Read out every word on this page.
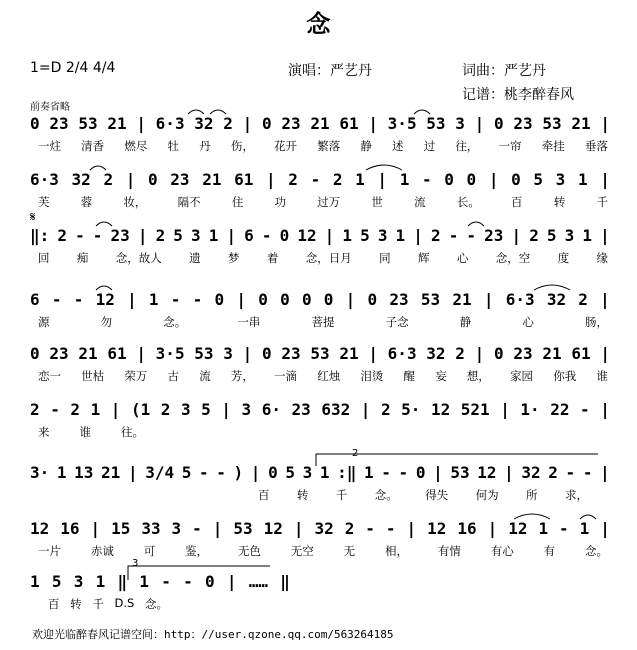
念
1=D 2/4 4/4	演唱：严艺丹	词曲：严艺丹
记谱：桃李醉春风
前奏省略
𝄋
0 23 53 21 | 6·3 32 2 | 0 23 21 61 | 3·5 53 3 | 0 23 53 21 |
一炷 清香 燃尽 牡 丹 伤， 花开 繁落 静 述 过 往， 一帘 牵挂 垂落
6·3 32 2 | 0 23 21 61 | 2 - 2 1 | 1 - 0 0 | 0 5 3 1 |
芙	蓉	妆，	隔不	住	功	过万	世	流	长。	百	转	千
‖: 2 - - 23 | 2 5 3 1 | 6 - 0 12 | 1 5 3 1 | 2 - - 23 | 2 5 3 1 |
回 痴 念，故人 遗 梦 着 念，日月 同 辉 心 念，空 度 缘
6 - - 12 | 1 - - 0 | 0 0 0 0 | 0 23 53 21 | 6·3 32 2 |
源	勿	念。	一串	菩提	子念	静	心	肠，
0 23 21 61 | 3·5 53 3 | 0 23 53 21 | 6·3 32 2 | 0 23 21 61 |
恋一 世枯 荣万 古 流 芳， 一滴 红烛 泪烫 醒 妄 想， 家园 你我 谁
2 - 2 1 | (1 2 3 5 | 3 6· 23 632 | 2 5· 12 521 | 1· 22 - |
来	谁	往。
3· 1 13 21 | 3/4 5 - - ) | 0 5 3 1 :‖ 1 - - 0 | 53 12 | 32 2 - - |
百 转 千 念。 得失 何为 所 求，
12 16 | 15 33 3 - | 53 12 | 32 2 - - | 12 16 | 12 1 - 1 |
一片	赤诚	可	鉴，	无色	无空	无	相，	有情	有心	有	念。
1 5 3 1 ‖ 1 - - 0 | …… ‖
百 转 千 D.S 念。
2
3
欢迎光临醉春风记谱空间：http：//user.qzone.qq.com/563264185
